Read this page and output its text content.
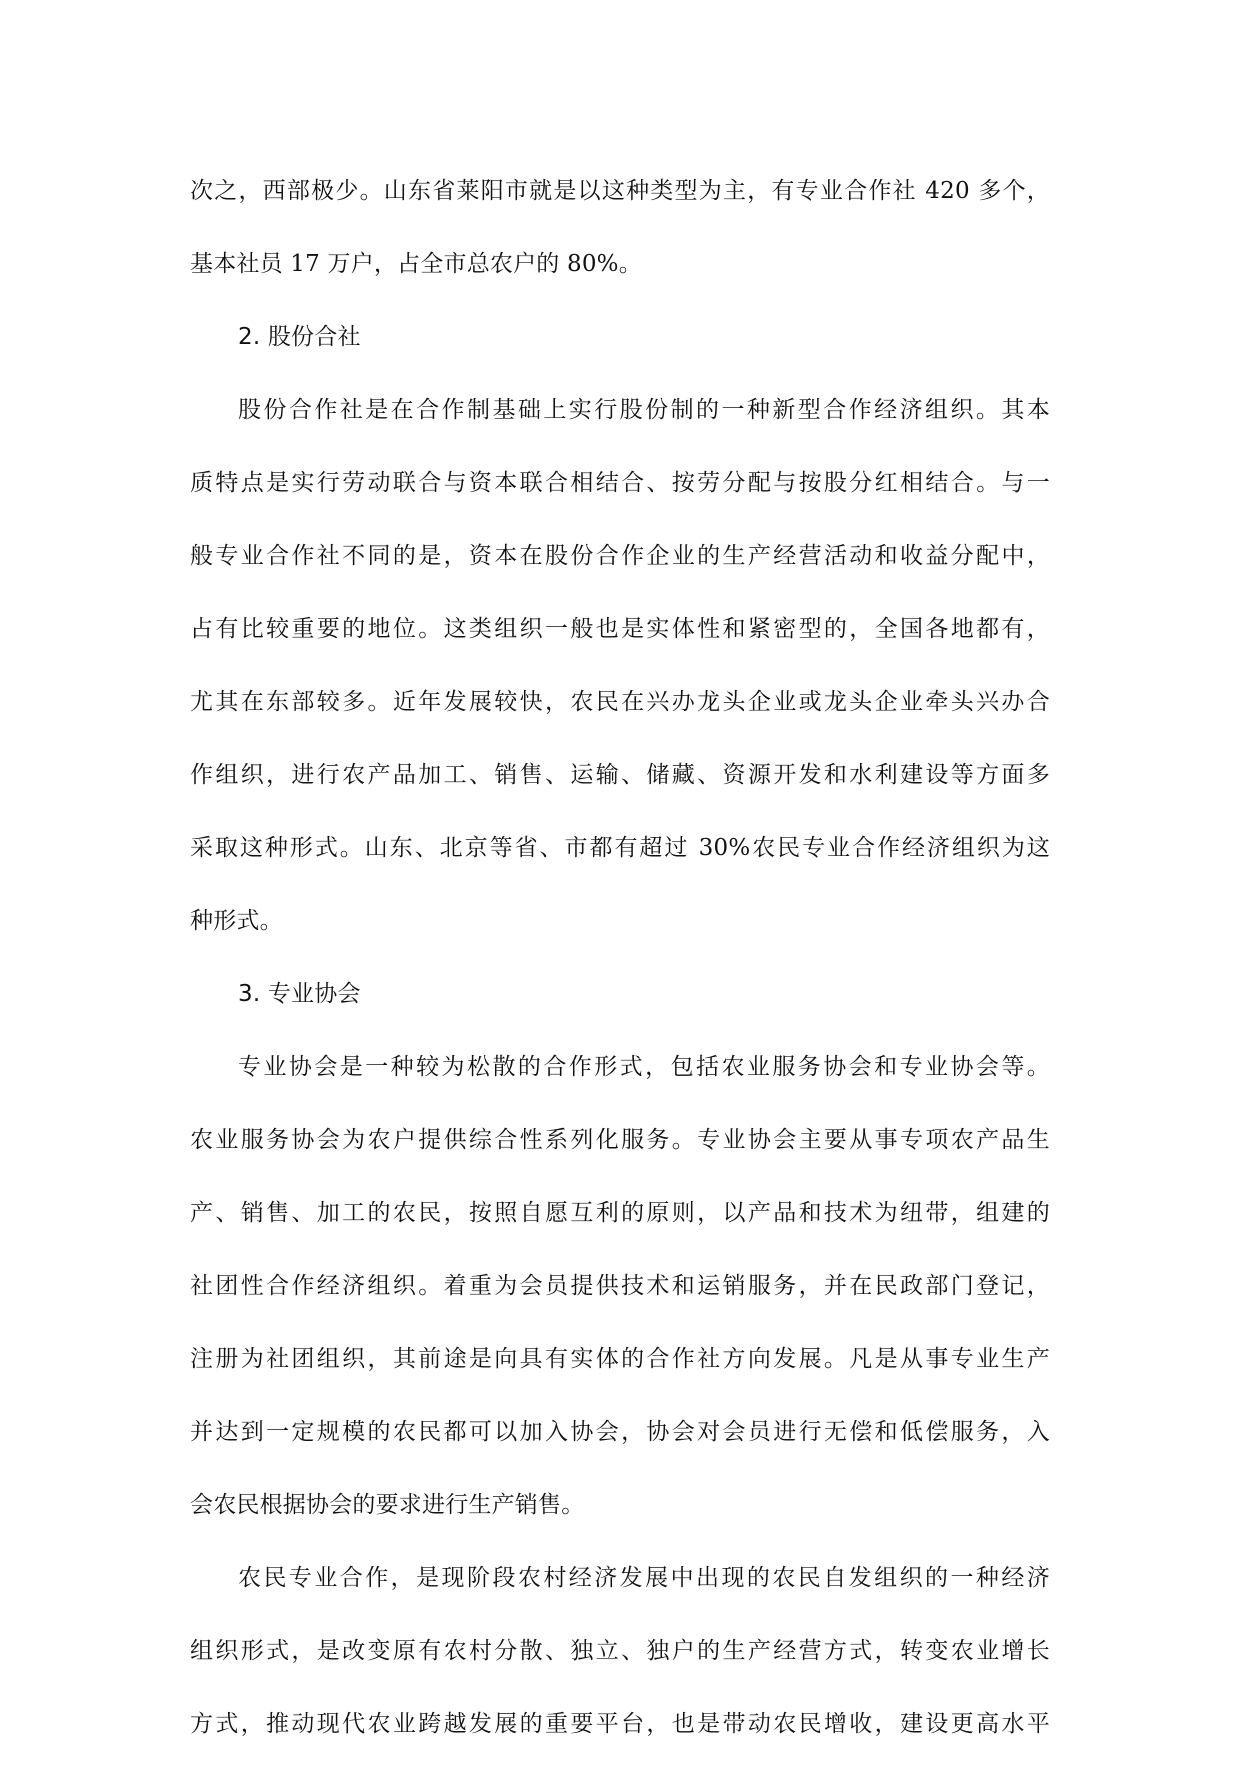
次之，西部极少。山东省莱阳市就是以这种类型为主，有专业合作社 420 多个，
基本社员 17 万户，占全市总农户的 80%。
2. 股份合社
股份合作社是在合作制基础上实行股份制的一种新型合作经济组织。其本
质特点是实行劳动联合与资本联合相结合、按劳分配与按股分红相结合。与一
般专业合作社不同的是，资本在股份合作企业的生产经营活动和收益分配中，
占有比较重要的地位。这类组织一般也是实体性和紧密型的，全国各地都有，
尤其在东部较多。近年发展较快，农民在兴办龙头企业或龙头企业牵头兴办合
作组织，进行农产品加工、销售、运输、储藏、资源开发和水利建设等方面多
采取这种形式。山东、北京等省、市都有超过 30%农民专业合作经济组织为这
种形式。
3. 专业协会
专业协会是一种较为松散的合作形式，包括农业服务协会和专业协会等。
农业服务协会为农户提供综合性系列化服务。专业协会主要从事专项农产品生
产、销售、加工的农民，按照自愿互利的原则，以产品和技术为纽带，组建的
社团性合作经济组织。着重为会员提供技术和运销服务，并在民政部门登记，
注册为社团组织，其前途是向具有实体的合作社方向发展。凡是从事专业生产
并达到一定规模的农民都可以加入协会，协会对会员进行无偿和低偿服务，入
会农民根据协会的要求进行生产销售。
农民专业合作，是现阶段农村经济发展中出现的农民自发组织的一种经济
组织形式，是改变原有农村分散、独立、独户的生产经营方式，转变农业增长
方式，推动现代农业跨越发展的重要平台，也是带动农民增收，建设更高水平
